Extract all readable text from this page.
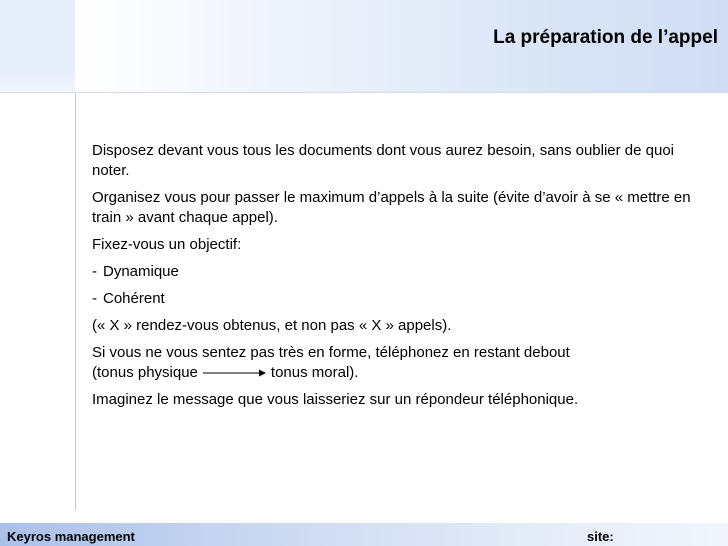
La préparation de l’appel

Disposez devant vous tous les documents dont vous aurez besoin, sans oublier de quoi noter.

Organisez vous pour passer le maximum d’appels à la suite (évite d’avoir à se « mettre en train » avant chaque appel).

Fixez-vous un objectif:

- Dynamique

- Cohérent

(« X » rendez-vous obtenus, et non pas « X » appels).

Si vous ne vous sentez pas très en forme, téléphonez en restant debout
(tonus physique	tonus moral).

Imaginez le message que vous laisseriez sur un répondeur téléphonique.

Keyros management	site:
